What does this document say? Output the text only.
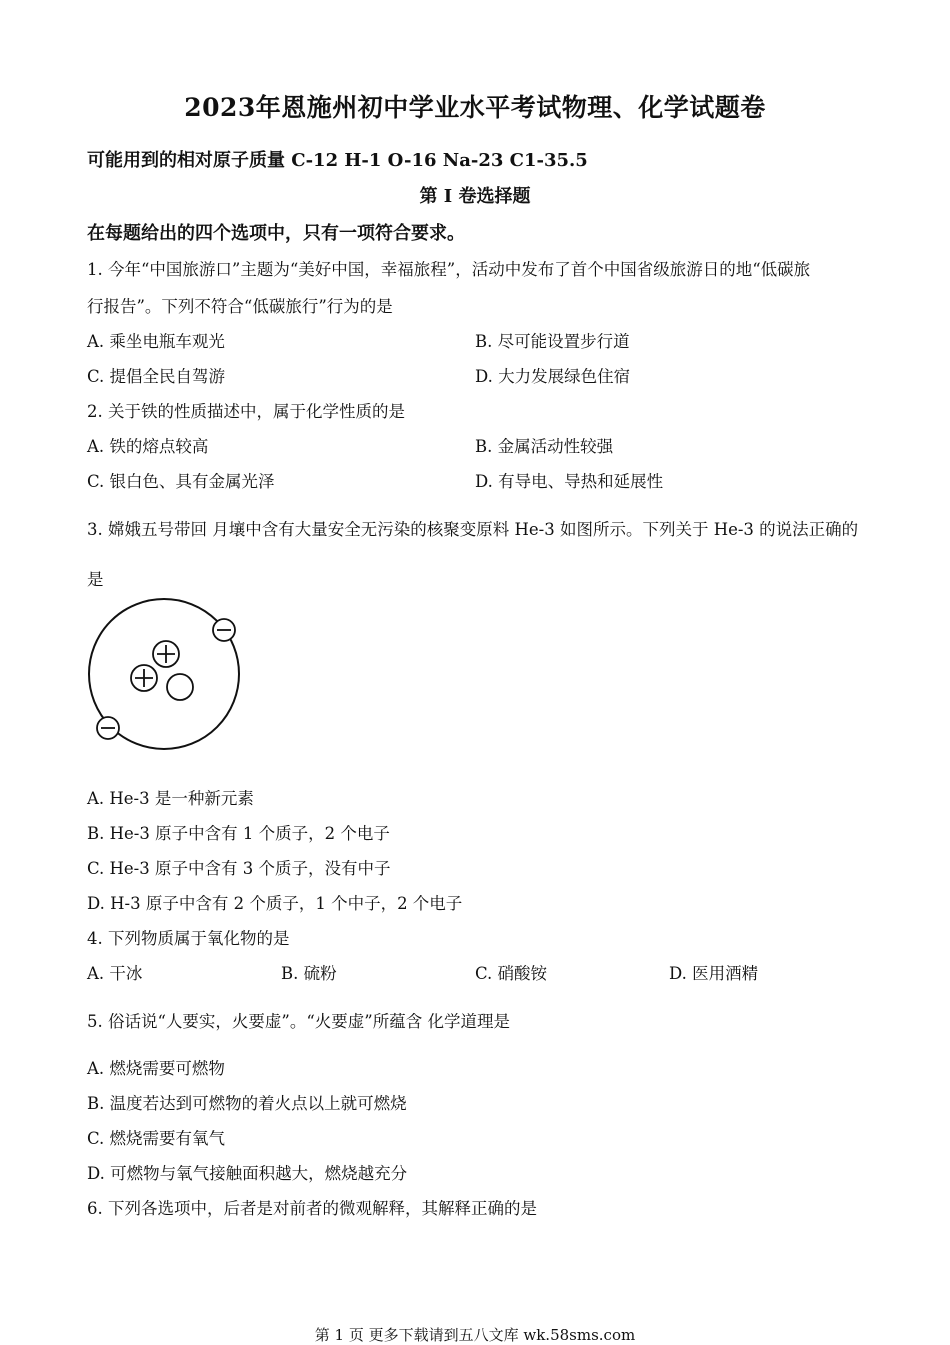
2023年恩施州初中学业水平考试物理、化学试题卷
可能用到的相对原子质量 C-12 H-1 O-16 Na-23 C1-35.5
第 I 卷选择题
在每题给出的四个选项中，只有一项符合要求。
1. 今年“中国旅游口”主题为“美好中国，幸福旅程”，活动中发布了首个中国省级旅游日的地“低碳旅
行报告”。下列不符合“低碳旅行”行为的是
A. 乘坐电瓶车观光	B. 尽可能设置步行道
C. 提倡全民自驾游	D. 大力发展绿色住宿
2. 关于铁的性质描述中，属于化学性质的是
A. 铁的熔点较高	B. 金属活动性较强
C. 银白色、具有金属光泽	D. 有导电、导热和延展性
3. 嫦娥五号带回 月壤中含有大量安全无污染的核聚变原料 He-3 如图所示。下列关于 He-3 的说法正确的
是
A. He-3 是一种新元素
B. He-3 原子中含有 1 个质子，2 个电子
C. He-3 原子中含有 3 个质子，没有中子
D. H-3 原子中含有 2 个质子，1 个中子，2 个电子
4. 下列物质属于氧化物的是
A. 干冰	B. 硫粉	C. 硝酸铵	D. 医用酒精
5. 俗话说“人要实，火要虚”。“火要虚”所蕴含 化学道理是
A. 燃烧需要可燃物
B. 温度若达到可燃物的着火点以上就可燃烧
C. 燃烧需要有氧气
D. 可燃物与氧气接触面积越大，燃烧越充分
6. 下列各选项中，后者是对前者的微观解释，其解释正确的是
第 1 页 更多下载请到五八文库 wk.58sms.com
